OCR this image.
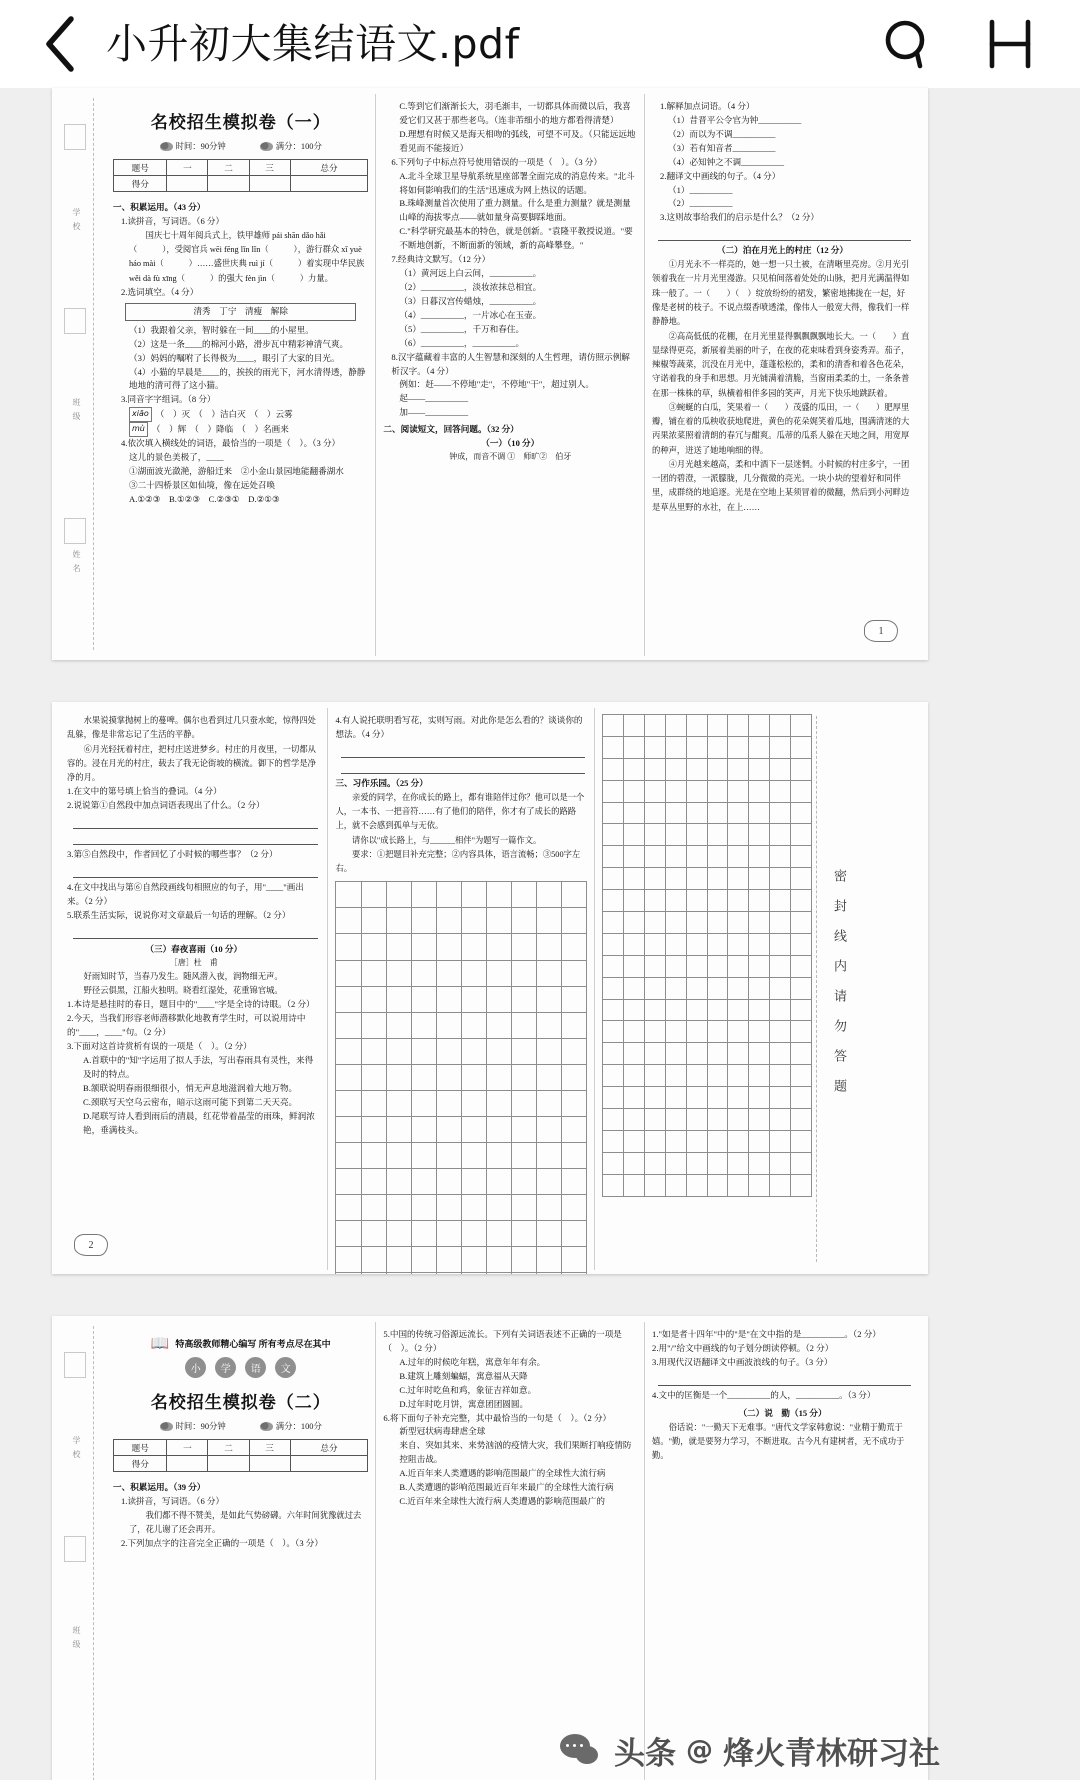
小升初大集结语文.pdf
学校
班级
姓名
名校招生模拟卷（一）
时间：90分钟	满分：100分
题号	一	二	三	总分
得分				
一、积累运用。（43 分）
1.读拼音，写词语。（6 分）
国庆七十周年阅兵式上，铁甲雄师 pái shān dǎo hǎi（　　　），受阅官兵 wēi fēng lǐn lǐn（　　　），游行群众 xǐ yuè háo mài（　　　）……盛世庆典 ruì jí（　　　）着实现中华民族 wěi dà fù xīng（　　　）的强大 fèn jìn（　　　）力量。
2.选词填空。（4 分）
清秀　丁宁　清瘦　解除
（1）我跟着父亲，智时躲在一间____的小屋里。
（2）这是一条____的棉河小路，滑步瓦中精彩神清气爽。
（3）妈妈的嘱咐了长得极为____，眼引了大家的目光。
（4）小猫的早晨是____的，挨挨的雨光下，河水清得透，静静地地的清可得了这小猫。
3.同音字字组词。（8 分）
xiāo （　）灭 （　）洁白灭 （　）云雾
mù （　）辉 （　）降临 （　）名画来
4.依次填入横线处的词语，最恰当的一项是（　）。（3 分）
这儿的景色美极了，____
①湖面波光潋滟，游船迁来　②小金山景园地能翻番湖水
③二十四桥景区如仙境，像在远处召唤
A.①②③　B.①②③　C.②③①　D.②①③
C.等到它们渐渐长大，羽毛渐丰，一切都具体而微以后，我喜爱它们又甚于那些老鸟。（连非芾细小的地方都看得清楚）
D.理想有时候又是海天相吻的弧线，可望不可及。（只能远远地看见而不能接近）
6.下列句子中标点符号使用错误的一项是（　）。（3 分）
A.北斗全球卫星导航系统星座部署全面完成的消息传来。"北斗将如何影响我们的生活"迅速成为网上热议的话题。
B.珠峰测量首次使用了重力测量。什么是重力测量？就是测量山峰的海拔零点——就如量身高要脚踩地面。
C."科学研究最基本的特色，就是创新。"袁隆平教授说道。"要不断地创新，不断面新的领域，新的高峰攀登。"
7.经典诗文默写。（12 分）
（1）黄河远上白云间，__________。
（2）__________，淡妆浓抹总相宜。
（3）日暮汉宫传蜡烛，__________。
（4）__________，一片冰心在玉壶。
（5）__________，千万和春住。
（6）__________，__________。
8.汉字蕴藏着丰富的人生智慧和深刻的人生哲理，请仿照示例解析汉字。（4 分）
例如：赶——不停地"走"，不停地"干"，超过别人。
起——__________
加——__________
二、阅读短文，回答问题。（32 分）
（一）（10 分）
钟成，而音不调 ①　师旷②　伯牙
1.解释加点词语。（4 分）
（1）昔晋平公令官为钟__________
（2）而以为不调__________
（3）若有知音者__________
（4）必知钟之不调__________
2.翻译文中画线的句子。（4 分）
（1）__________
（2）__________
3.这则故事给我们的启示是什么？（2 分）
（二）泊在月光上的村庄（12 分）
①月光永不一样亮的，她一想一只土被，在清晰里亮房。②月光引领着我在一片月光里漫游。只见柏间落着处处的山脉，把月光满温得如珠一般了。一（　　）（　）绽放纷纷的裙发，繁密地拂拢在一起，好像是老树的枝子。不说点缀香喷透漾，像伟人一般宽大得，像我们一样静静地。
②高高低低的花棚，在月光里显得飘飘飘飘地长大。一（　　）直显绿得更亮，新展着美丽的叶子，在夜的花束味看到身姿秀弄。茄子，辣椒等蔬菜，沉没在月光中，蓬蓬松松的，柔和的清香和着各色花朵，守诺着我的身手和思想。月光铺满着清脆，当窗雨柔柔的土，一条条普在那一株株的草，纵横着相伴多园的笑声，月光下快乐地跳跃着。
③蜿蜒的白瓜，笑果着一（　　）茂盛的瓜田，一（　　）肥厚里瓣，铺在着的瓜秧收获地爬进，黄色的花朵娓笑着瓜地，围满清迷的大丙果浓菜照着清朗的春冗与酣爽。瓜蒂的瓜系人躲在天地之间，用宽厚的种声，迸送了她地响细的得。
④月光越来越高，柔和中酒下一层迷惘。小时候的村庄多宁，一团一团的碧澄，一派朦胧，几分微微的亮光。一块小块的望着好和同伴里，成群绕的地追逐。光是在空地上某须冒着的微翻，然后到小河畔边是草丛里野的水社，在上……
1
水果说摸掌抛树上的蔓啤。偶尔也看到过几只蚕水蛇，惊得四处乱躲，像是非常忘记了生活的平静。
⑥月光轻抚着村庄，把村庄送进梦乡。村庄的月夜里，一切都从容的。浸在月光的村庄，载去了我无论街坡的横流。御下的哲学是净净的月。
1.在文中的第号填上恰当的叠词。（4 分）
2.说说第①自然段中加点词语表现出了什么。（2 分）
3.第⑤自然段中，作者回忆了小时候的哪些事？（2 分）
4.在文中找出与第⑥自然段画线句相照应的句子，用"____"画出来。（2 分）
5.联系生活实际，说说你对文章最后一句话的理解。（2 分）
（三）春夜喜雨（10 分）
［唐］杜　甫
好雨知时节，当春乃发生。随风潜入夜，润物细无声。
野径云俱黑，江船火独明。晓看红湿处，花重锦官城。
1.本诗是悬挂时的春日，题目中的"____"字是全诗的诗眼。（2 分）
2.今天，当我们形容老师潜移默化地教育学生时，可以说用诗中的"____，____"句。（2 分）
3.下面对这首诗赏析有误的一项是（　）。（2 分）
A.首联中的"知"字运用了拟人手法，写出春雨具有灵性，来得及时的特点。
B.颔联说明春雨很细很小，悄无声息地滋润着大地万物。
C.颈联写天空乌云密布，暗示这雨可能下到第二天天亮。
D.尾联写诗人看到雨后的清晨，红花带着晶莹的雨珠，鲜润浓艳，垂满枝头。
2
4.有人说托联明看写花，实则写雨。对此你是怎么看的？谈谈你的想法。（4 分）
三、习作乐园。（25 分）
亲爱的同学，在你成长的路上，都有谁陪伴过你？他可以是一个人，一本书、一把音符……有了他们的陪伴，你才有了成长的路路上，就不会感到孤单与无依。
请你以"成长路上，与______相伴"为题写一篇作文。
要求：①把题目补充完整；②内容具体，语言流畅；③500字左右。
密封线内请勿答题
学校
班级
📖 特高级教师精心编写 所有考点尽在其中
小	学	语	文
名校招生模拟卷（二）
时间：90分钟	满分：100分
题号	一	二	三	总分
得分				
一、积累运用。（39 分）
1.读拼音，写词语。（6 分）
我们都不得不赞美，是如此气势磅礴。六年时间犹豫就过去了，花儿谢了还会再开。
2.下列加点字的注音完全正确的一项是（　）。（3 分）
5.中国的传统习俗源远流长。下列有关词语表述不正确的一项是（　）。（2 分）
A.过年的时候吃年糕，寓意年年有余。
B.建筑上雕刻蝙蝠，寓意福从天降
C.过年时吃鱼和鸡，象征吉祥如意。
D.过年时吃月饼，寓意团团圆圆。
6.将下面句子补充完整，其中最恰当的一句是（　）。（2 分）
新型冠状病毒肆虐全球
来自、突如其来、来势汹汹的疫情大灾，我们果断打响疫情防控阻击战。
A.近百年来人类遭遇的影响范围最广的全球性大流行病
B.人类遭遇的影响范围最近百年来最广的全球性大流行病
C.近百年来全球性大流行病人类遭遇的影响范围最广的
1."如是者十四年"中的"是"在文中指的是__________。（2 分）
2.用"/"给文中画线的句子划分朗读停顿。（2 分）
3.用现代汉语翻译文中画波浪线的句子。（3 分）
4.文中的匡衡是一个__________的人，__________。（3 分）
（二）说　勤（15 分）
俗话说："一勤天下无难事。"唐代文学家韩愈说："业精于勤荒于嬉。"勤，就是要努力学习，不断进取。古今凡有建树者，无不成功于勤。
头条 @ 烽火青林研习社
